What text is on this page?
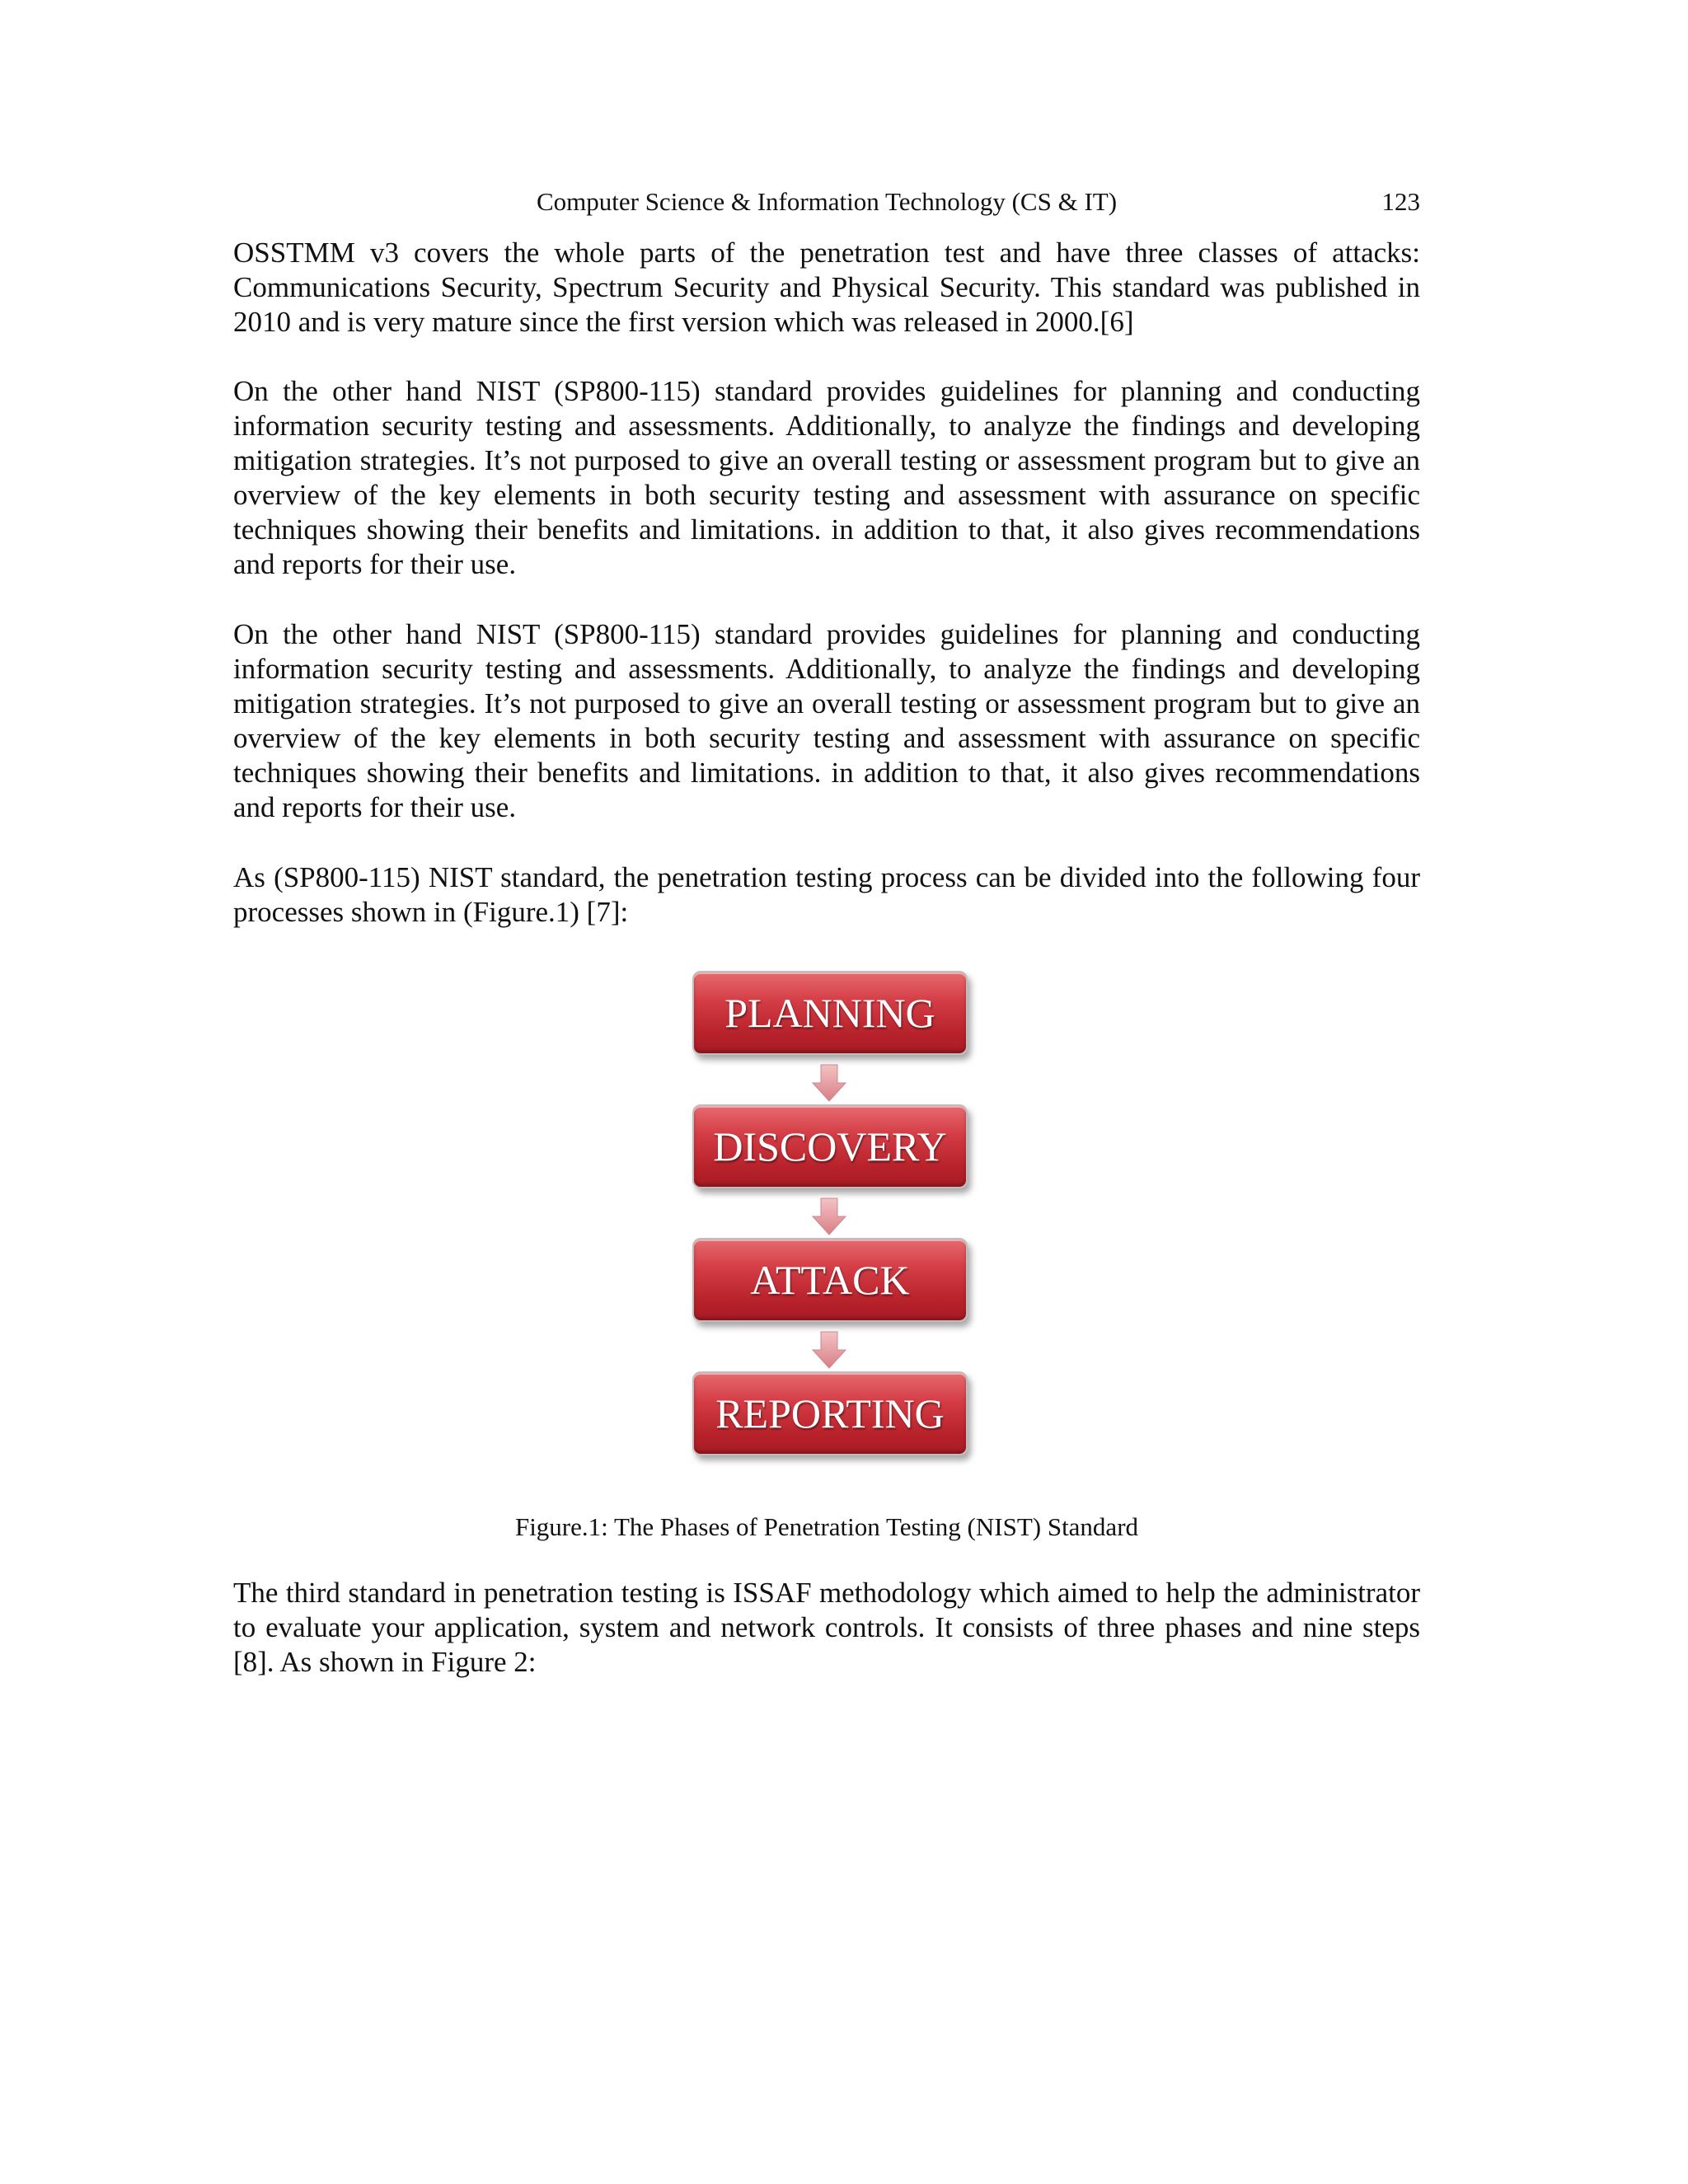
Computer Science & Information Technology (CS & IT)	123

OSSTMM v3 covers the whole parts of the penetration test and have three classes of attacks: Communications Security, Spectrum Security and Physical Security. This standard was published in 2010 and is very mature since the first version which was released in 2000.[6]

On the other hand NIST (SP800-115) standard provides guidelines for planning and conducting information security testing and assessments. Additionally, to analyze the findings and developing mitigation strategies. It’s not purposed to give an overall testing or assessment program but to give an overview of the key elements in both security testing and assessment with assurance on specific techniques showing their benefits and limitations. in addition to that, it also gives recommendations and reports for their use.

On the other hand NIST (SP800-115) standard provides guidelines for planning and conducting information security testing and assessments. Additionally, to analyze the findings and developing mitigation strategies. It’s not purposed to give an overall testing or assessment program but to give an overview of the key elements in both security testing and assessment with assurance on specific techniques showing their benefits and limitations. in addition to that, it also gives recommendations and reports for their use.

As (SP800-115) NIST standard, the penetration testing process can be divided into the following four processes shown in (Figure.1) [7]:

PLANNING
DISCOVERY
ATTACK
REPORTING

Figure.1: The Phases of Penetration Testing (NIST) Standard

The third standard in penetration testing is ISSAF methodology which aimed to help the administrator to evaluate your application, system and network controls. It consists of three phases and nine steps [8]. As shown in Figure 2:
